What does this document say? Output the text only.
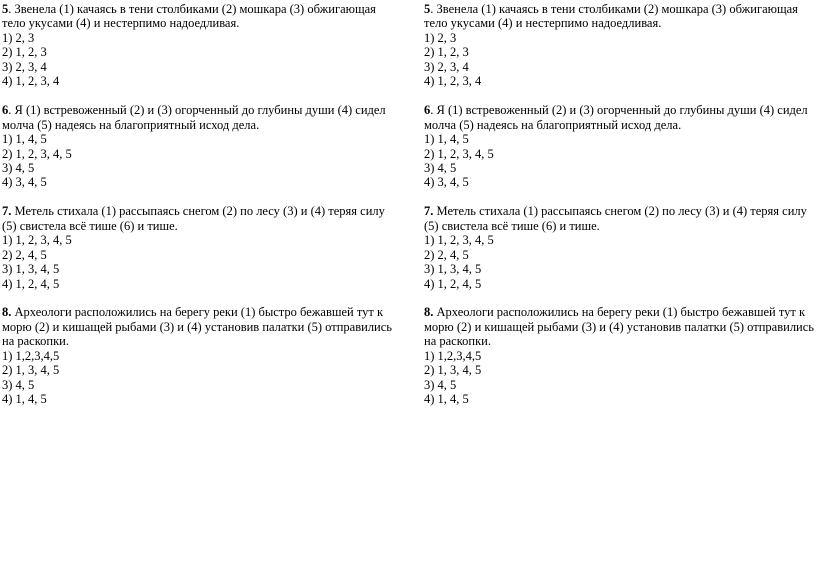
5. Звенела (1) качаясь в тени столбиками (2) мошкара (3) обжигающая тело укусами (4) и нестерпимо надоедливая.

1) 2, 3
2) 1, 2, 3
3) 2, 3, 4
4) 1, 2, 3, 4

6. Я (1) встревоженный (2) и (3) огорченный до глубины души (4) сидел молча (5) надеясь на благоприятный исход дела.

1) 1, 4, 5
2) 1, 2, 3, 4, 5
3) 4, 5
4) 3, 4, 5

7. Метель стихала (1) рассыпаясь снегом (2) по лесу (3) и (4) теряя силу (5) свистела всё тише (6) и тише.

1) 1, 2, 3, 4, 5
2) 2, 4, 5
3) 1, 3, 4, 5
4) 1, 2, 4, 5

8. Археологи расположились на берегу реки (1) быстро бежавшей тут к морю (2) и кишащей рыбами (3) и (4) установив палатки (5) отправились на раскопки.

1) 1,2,3,4,5
2) 1, 3, 4, 5
3) 4, 5
4) 1, 4, 5

5. Звенела (1) качаясь в тени столбиками (2) мошкара (3) обжигающая тело укусами (4) и нестерпимо надоедливая.

1) 2, 3
2) 1, 2, 3
3) 2, 3, 4
4) 1, 2, 3, 4

6. Я (1) встревоженный (2) и (3) огорченный до глубины души (4) сидел молча (5) надеясь на благоприятный исход дела.

1) 1, 4, 5
2) 1, 2, 3, 4, 5
3) 4, 5
4) 3, 4, 5

7. Метель стихала (1) рассыпаясь снегом (2) по лесу (3) и (4) теряя силу (5) свистела всё тише (6) и тише.

1) 1, 2, 3, 4, 5
2) 2, 4, 5
3) 1, 3, 4, 5
4) 1, 2, 4, 5

8. Археологи расположились на берегу реки (1) быстро бежавшей тут к морю (2) и кишащей рыбами (3) и (4) установив палатки (5) отправились на раскопки.

1) 1,2,3,4,5
2) 1, 3, 4, 5
3) 4, 5
4) 1, 4, 5
